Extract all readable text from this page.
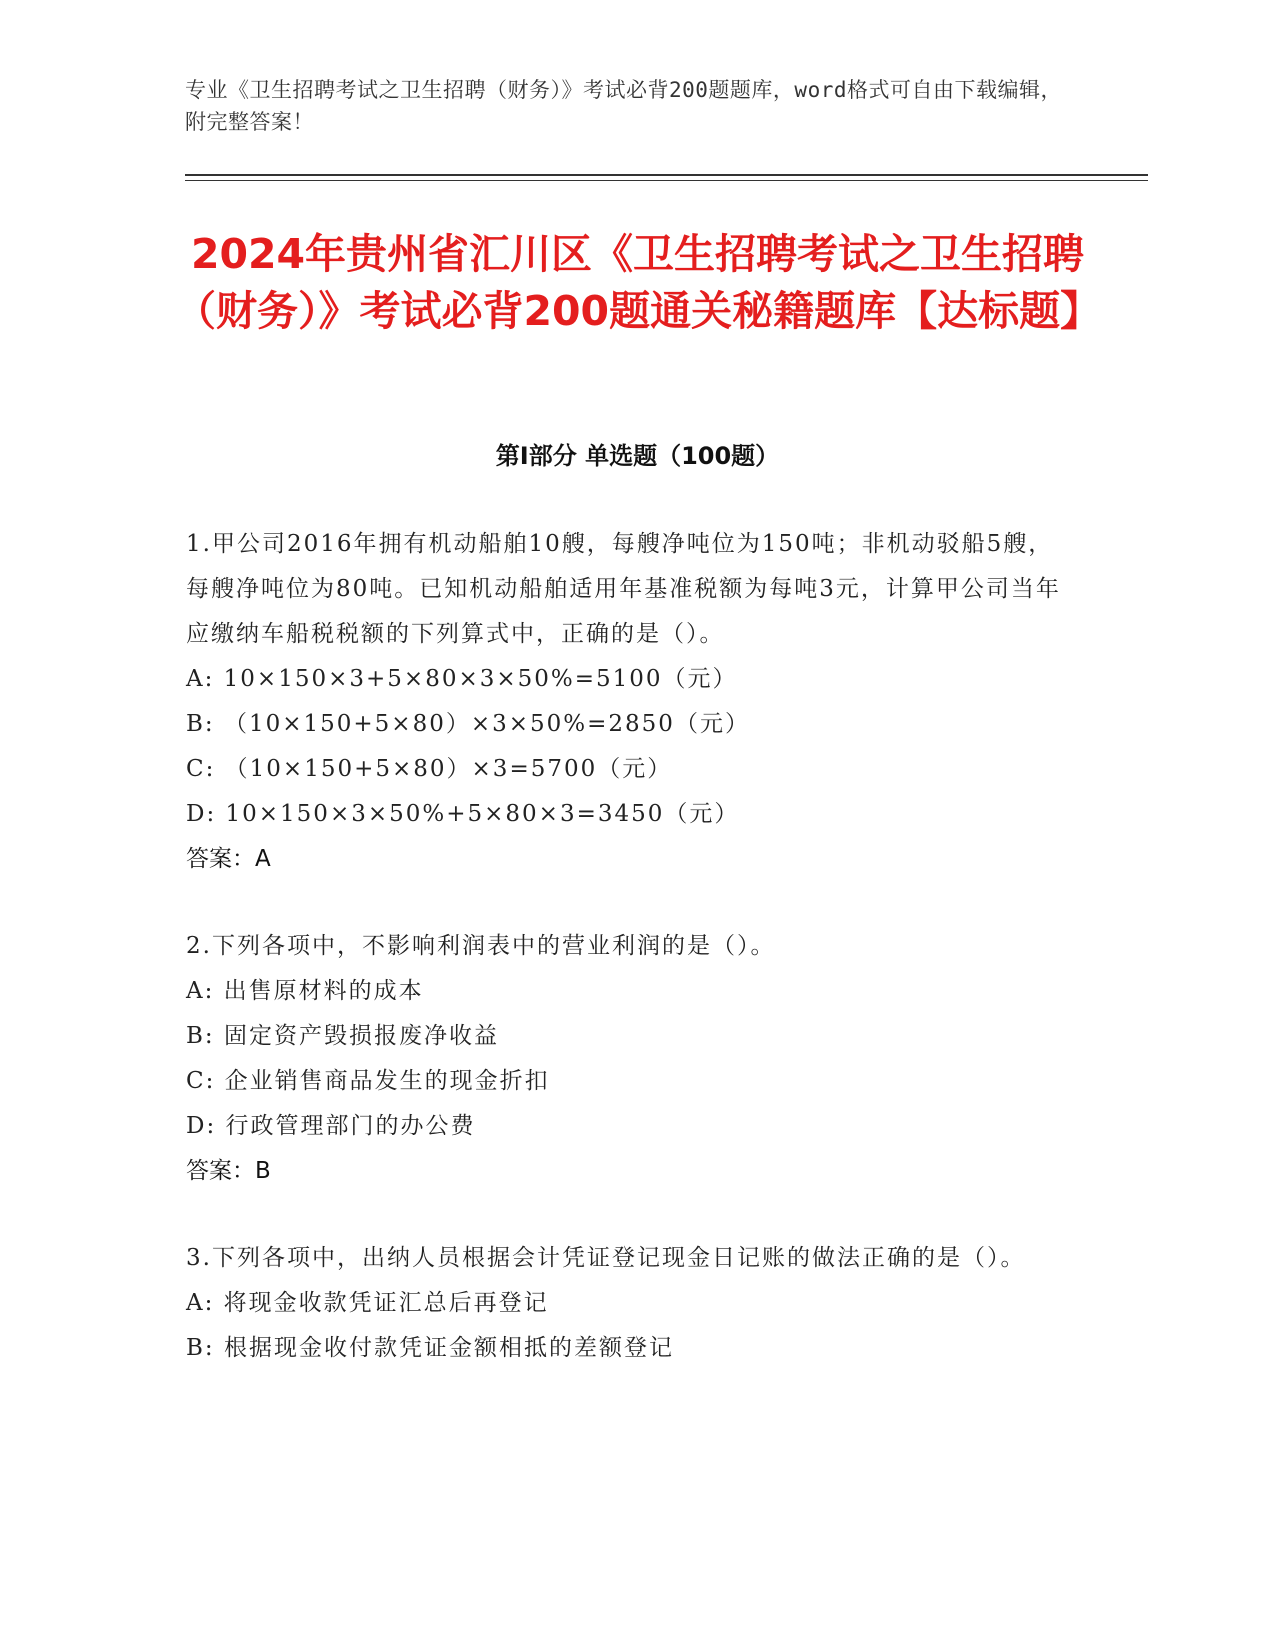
专业《卫生招聘考试之卫生招聘（财务）》考试必背200题题库，word格式可自由下载编辑，附完整答案！
2024年贵州省汇川区《卫生招聘考试之卫生招聘（财务）》考试必背200题通关秘籍题库【达标题】
第I部分 单选题（100题）

1.甲公司2016年拥有机动船舶10艘，每艘净吨位为150吨；非机动驳船5艘，每艘净吨位为80吨。已知机动船舶适用年基准税额为每吨3元，计算甲公司当年应缴纳车船税税额的下列算式中，正确的是（）。

A: 10×150×3+5×80×3×50%=5100（元）

B: （10×150+5×80）×3×50%=2850（元）

C: （10×150+5×80）×3=5700（元）

D: 10×150×3×50%+5×80×3=3450（元）

答案：A

2.下列各项中，不影响利润表中的营业利润的是（）。

A: 出售原材料的成本

B: 固定资产毁损报废净收益

C: 企业销售商品发生的现金折扣

D: 行政管理部门的办公费

答案：B

3.下列各项中，出纳人员根据会计凭证登记现金日记账的做法正确的是（）。

A: 将现金收款凭证汇总后再登记

B: 根据现金收付款凭证金额相抵的差额登记
